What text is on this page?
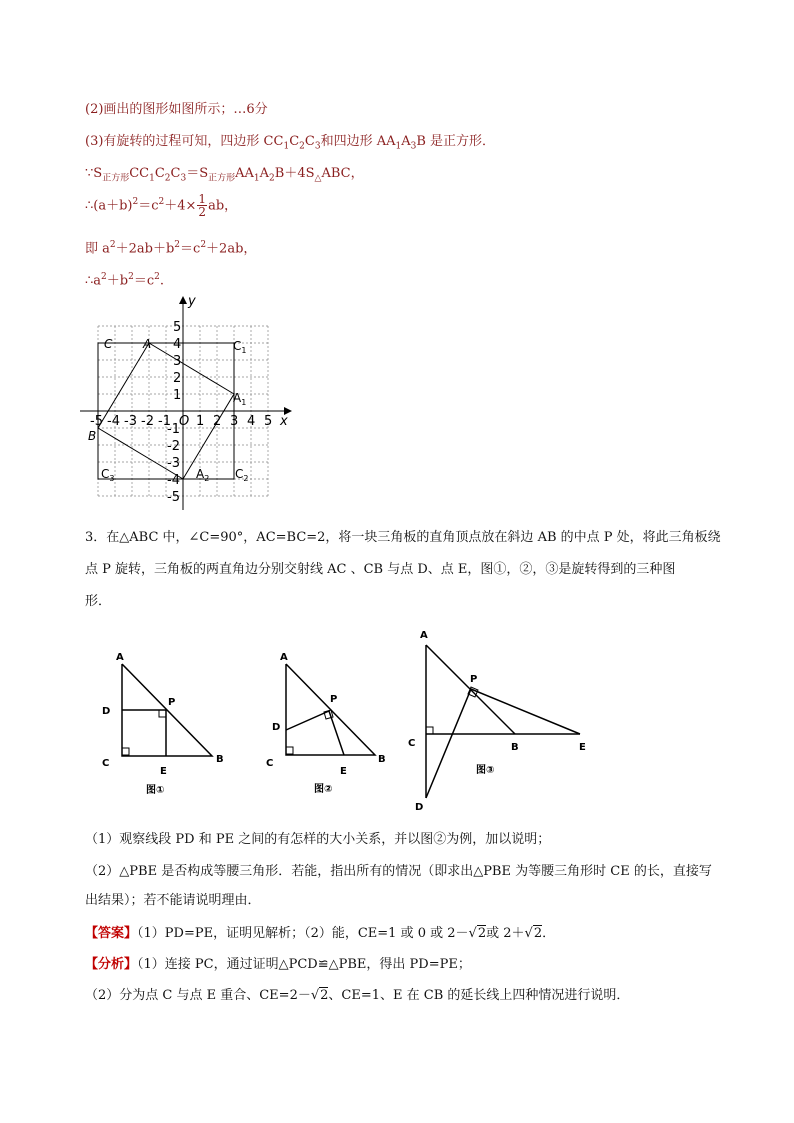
(2)画出的图形如图所示；…6分
(3)有旋转的过程可知，四边形 $CC_1C_2C_3$和四边形 $AA_1A_3B$ 是正方形．
$\because S_{正方形}CC_1C_2C_3=S_{正方形}AA_1A_2B+4S_\triangle ABC$，
$\therefore(a+b)^2=c^2+4\times \frac{1}{2}$ ab，
即 $a^2+2ab+b^2=c^2+2ab$，
$\therefore a^2+b^2=c^2$.
x
y
-5 -4 -3 -2 -1 O 1 2 3 4 5
5
4
3
2
1
-1
-2
-3
-4
-5
C	A	$C_1$
$A_1$
B
$C_3$	$A_2$ $C_2$
3．在△ABC 中，∠C=90°，AC=BC=2，将一块三角板的直角顶点放在斜边 AB 的中点 P 处，将此三角板绕
点 P 旋转，三角板的两直角边分别交射线 AC 、CB 与点 D、点 E，图①，②，③是旋转得到的三种图
形．
A
D
P
C
E
B
图①
A
D
P
C
E
B
图②
A
P
C	B	E
D
图③
（1）观察线段 PD 和 PE 之间的有怎样的大小关系，并以图②为例，加以说明；
（2）△PBE 是否构成等腰三角形．若能，指出所有的情况（即求出△PBE 为等腰三角形时 CE 的长，直接写
出结果）；若不能请说明理由．
【答案】（1）PD=PE，证明见解析；（2）能，CE=1 或 0 或 2－√2或 2＋√2．
【分析】（1）连接 PC，通过证明△PCD≌△PBE，得出 PD=PE；
（2）分为点 C 与点 E 重合、CE=2－√2、CE=1、E 在 CB 的延长线上四种情况进行说明．
